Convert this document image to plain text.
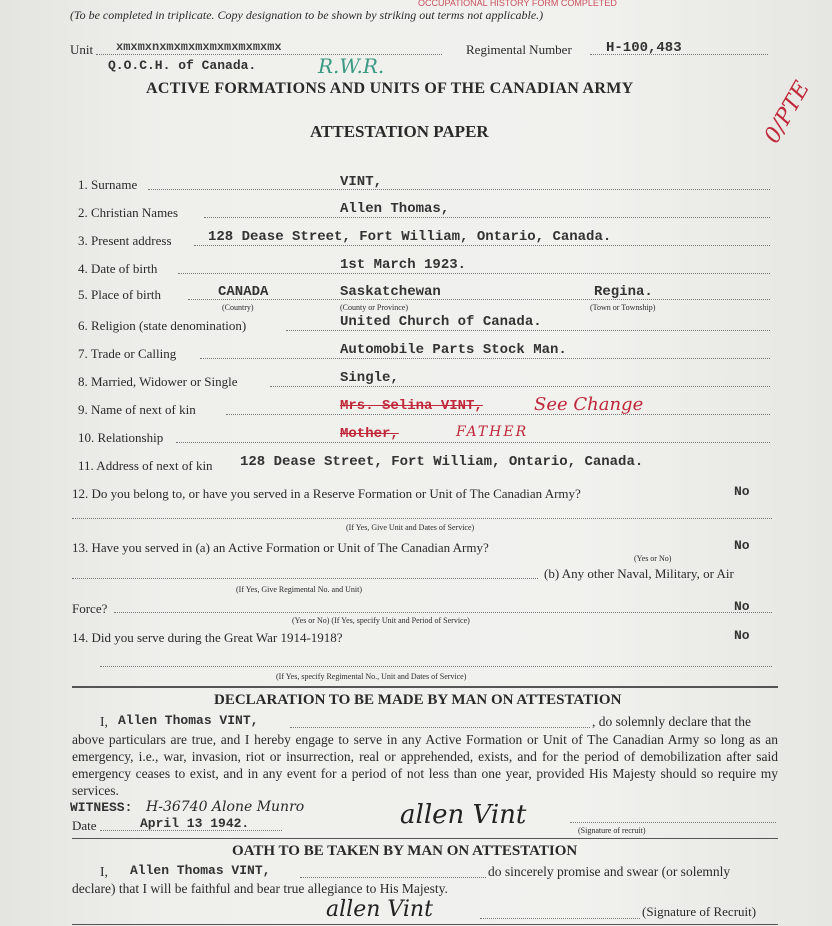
OCCUPATIONAL HISTORY FORM COMPLETED
(To be completed in triplicate. Copy designation to be shown by striking out terms not applicable.)
Unit xmxmxnxmxmxmxmxmxmxmxmx
Q.O.C.H. of Canada.	R.W.R.
Regimental Number H-100,483
ACTIVE FORMATIONS AND UNITS OF THE CANADIAN ARMY
ATTESTATION PAPER	0/PTE
1. Surname	VINT,
2. Christian Names	Allen Thomas,
3. Present address	128 Dease Street, Fort William, Ontario, Canada.
4. Date of birth	1st March 1923.
5. Place of birth	CANADA	Saskatchewan	Regina.
(Country)	(County or Province)	(Town or Township)
6. Religion (state denomination)	United Church of Canada.
7. Trade or Calling	Automobile Parts Stock Man.
8. Married, Widower or Single	Single,
9. Name of next of kin	Mrs. Selina VINT,	See Change
10. Relationship	Mother,	FATHER
11. Address of next of kin 128 Dease Street, Fort William, Ontario, Canada.
12. Do you belong to, or have you served in a Reserve Formation or Unit of The Canadian Army?	No
(If Yes, Give Unit and Dates of Service)
13. Have you served in (a) an Active Formation or Unit of The Canadian Army?	No
(Yes or No)
(b) Any other Naval, Military, or Air
(If Yes, Give Regimental No. and Unit)
Force?	No
(Yes or No) (If Yes, specify Unit and Period of Service)
14. Did you serve during the Great War 1914-1918?	No
(If Yes, specify Regimental No., Unit and Dates of Service)
DECLARATION TO BE MADE BY MAN ON ATTESTATION
I, Allen Thomas VINT,	, do solemnly declare that the
above particulars are true, and I hereby engage to serve in any Active Formation or Unit of The Canadian Army so long as an emergency, i.e., war, invasion, riot or insurrection, real or apprehended, exists, and for the period of demobilization after said emergency ceases to exist, and in any event for a period of not less than one year, provided His Majesty should so require my services.
WITNESS: H-36740 Alone Munro
Date	April 13 1942.	allen Vint
(Signature of recruit)
OATH TO BE TAKEN BY MAN ON ATTESTATION
I, Allen Thomas VINT,	do sincerely promise and swear (or solemnly
declare) that I will be faithful and bear true allegiance to His Majesty.
allen Vint	(Signature of Recruit)
